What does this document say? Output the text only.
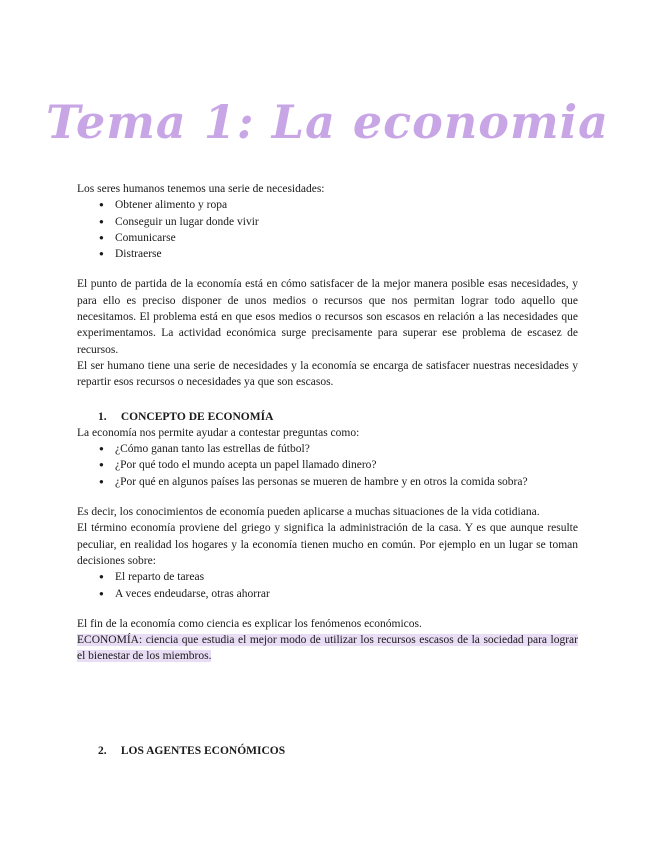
Tema 1: La economia

Los seres humanos tenemos una serie de necesidades:

● Obtener alimento y ropa
● Conseguir un lugar donde vivir
● Comunicarse
● Distraerse

El punto de partida de la economía está en cómo satisfacer de la mejor manera posible esas necesidades, y para ello es preciso disponer de unos medios o recursos que nos permitan lograr todo aquello que necesitamos. El problema está en que esos medios o recursos son escasos en relación a las necesidades que experimentamos. La actividad económica surge precisamente para superar ese problema de escasez de recursos.

El ser humano tiene una serie de necesidades y la economía se encarga de satisfacer nuestras necesidades y repartir esos recursos o necesidades ya que son escasos.

1. CONCEPTO DE ECONOMÍA

La economía nos permite ayudar a contestar preguntas como:

● ¿Cómo ganan tanto las estrellas de fútbol?
● ¿Por qué todo el mundo acepta un papel llamado dinero?
● ¿Por qué en algunos países las personas se mueren de hambre y en otros la comida sobra?

Es decir, los conocimientos de economía pueden aplicarse a muchas situaciones de la vida cotidiana.

El término economía proviene del griego y significa la administración de la casa. Y es que aunque resulte peculiar, en realidad los hogares y la economía tienen mucho en común. Por ejemplo en un lugar se toman decisiones sobre:

● El reparto de tareas
● A veces endeudarse, otras ahorrar

El fin de la economía como ciencia es explicar los fenómenos económicos.

ECONOMÍA: ciencia que estudia el mejor modo de utilizar los recursos escasos de la sociedad para lograr el bienestar de los miembros.

2. LOS AGENTES ECONÓMICOS
